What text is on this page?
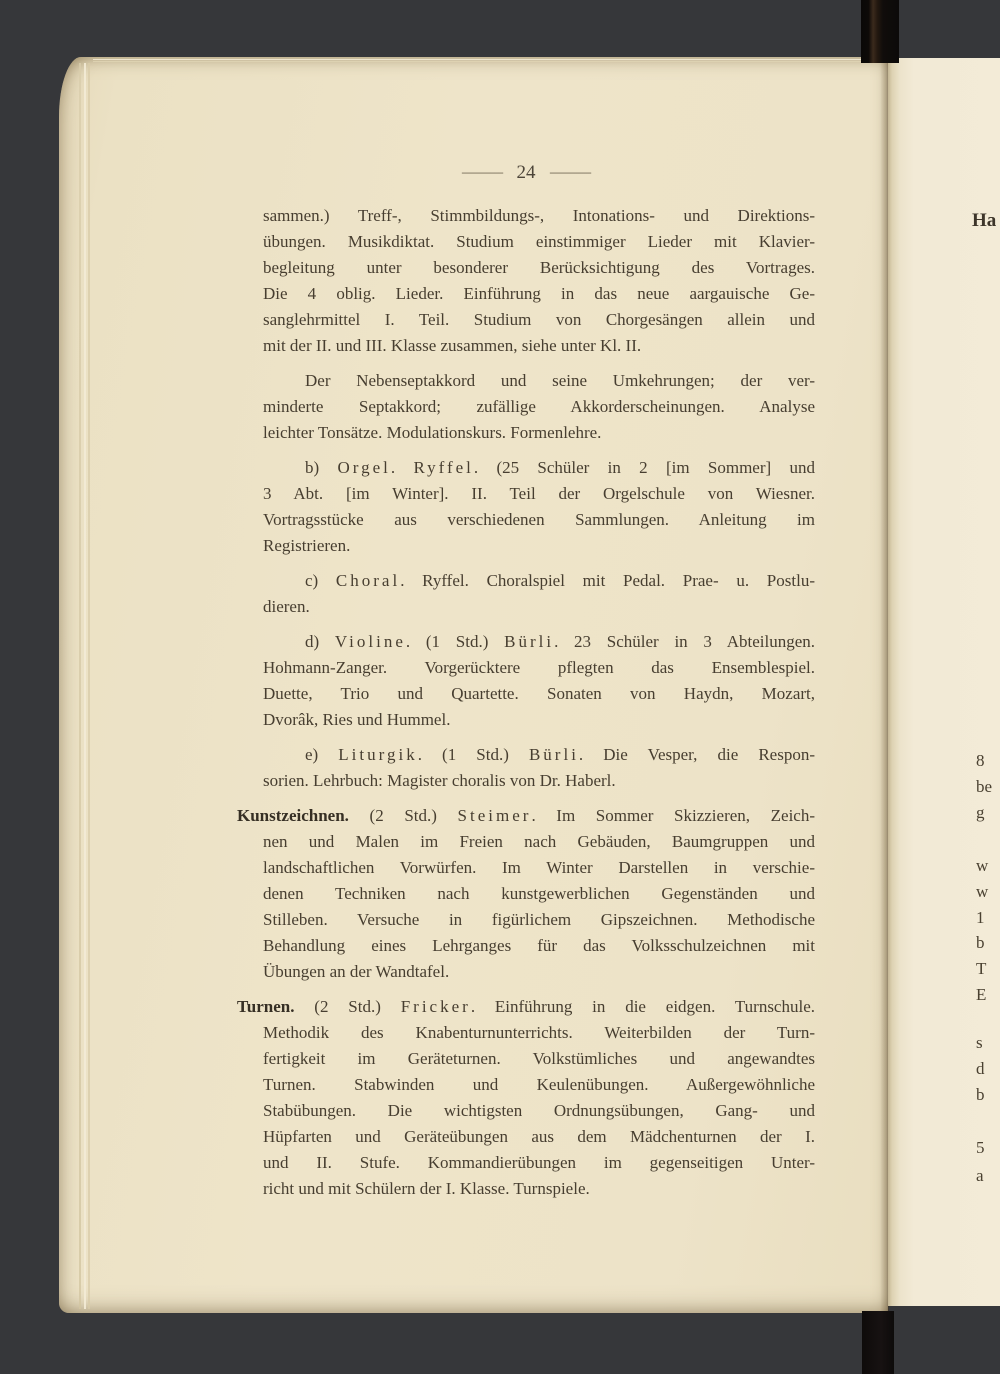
— 24 —
sammen.) Treff-, Stimmbildungs-, Intonations- und Direktions-
übungen. Musikdiktat. Studium einstimmiger Lieder mit Klavier-
begleitung unter besonderer Berücksichtigung des Vortrages.
Die 4 oblig. Lieder. Einführung in das neue aargauische Ge-
sanglehrmittel I. Teil. Studium von Chorgesängen allein und
mit der II. und III. Klasse zusammen, siehe unter Kl. II.
Der Nebenseptakkord und seine Umkehrungen; der ver-
minderte Septakkord; zufällige Akkorderscheinungen. Analyse
leichter Tonsätze. Modulationskurs. Formenlehre.
b) Orgel. Ryffel. (25 Schüler in 2 [im Sommer] und
3 Abt. [im Winter]. II. Teil der Orgelschule von Wiesner.
Vortragsstücke aus verschiedenen Sammlungen. Anleitung im
Registrieren.
c) Choral. Ryffel. Choralspiel mit Pedal. Prae- u. Postlu-
dieren.
d) Violine. (1 Std.) Bürli. 23 Schüler in 3 Abteilungen.
Hohmann-Zanger. Vorgerücktere pflegten das Ensemblespiel.
Duette, Trio und Quartette. Sonaten von Haydn, Mozart,
Dvorâk, Ries und Hummel.
e) Liturgik. (1 Std.) Bürli. Die Vesper, die Respon-
sorien. Lehrbuch: Magister choralis von Dr. Haberl.
Kunstzeichnen. (2 Std.) Steimer. Im Sommer Skizzieren, Zeich-
nen und Malen im Freien nach Gebäuden, Baumgruppen und
landschaftlichen Vorwürfen. Im Winter Darstellen in verschie-
denen Techniken nach kunstgewerblichen Gegenständen und
Stilleben. Versuche in figürlichem Gipszeichnen. Methodische
Behandlung eines Lehrganges für das Volksschulzeichnen mit
Übungen an der Wandtafel.
Turnen. (2 Std.) Fricker. Einführung in die eidgen. Turnschule.
Methodik des Knabenturnunterrichts. Weiterbilden der Turn-
fertigkeit im Geräteturnen. Volkstümliches und angewandtes
Turnen. Stabwinden und Keulenübungen. Außergewöhnliche
Stabübungen. Die wichtigsten Ordnungsübungen, Gang- und
Hüpfarten und Geräteübungen aus dem Mädchenturnen der I.
und II. Stufe. Kommandierübungen im gegenseitigen Unter-
richt und mit Schülern der I. Klasse. Turnspiele.
Ha
8
be
g
w
w
1
b
T
E
s
d
b
5
a
